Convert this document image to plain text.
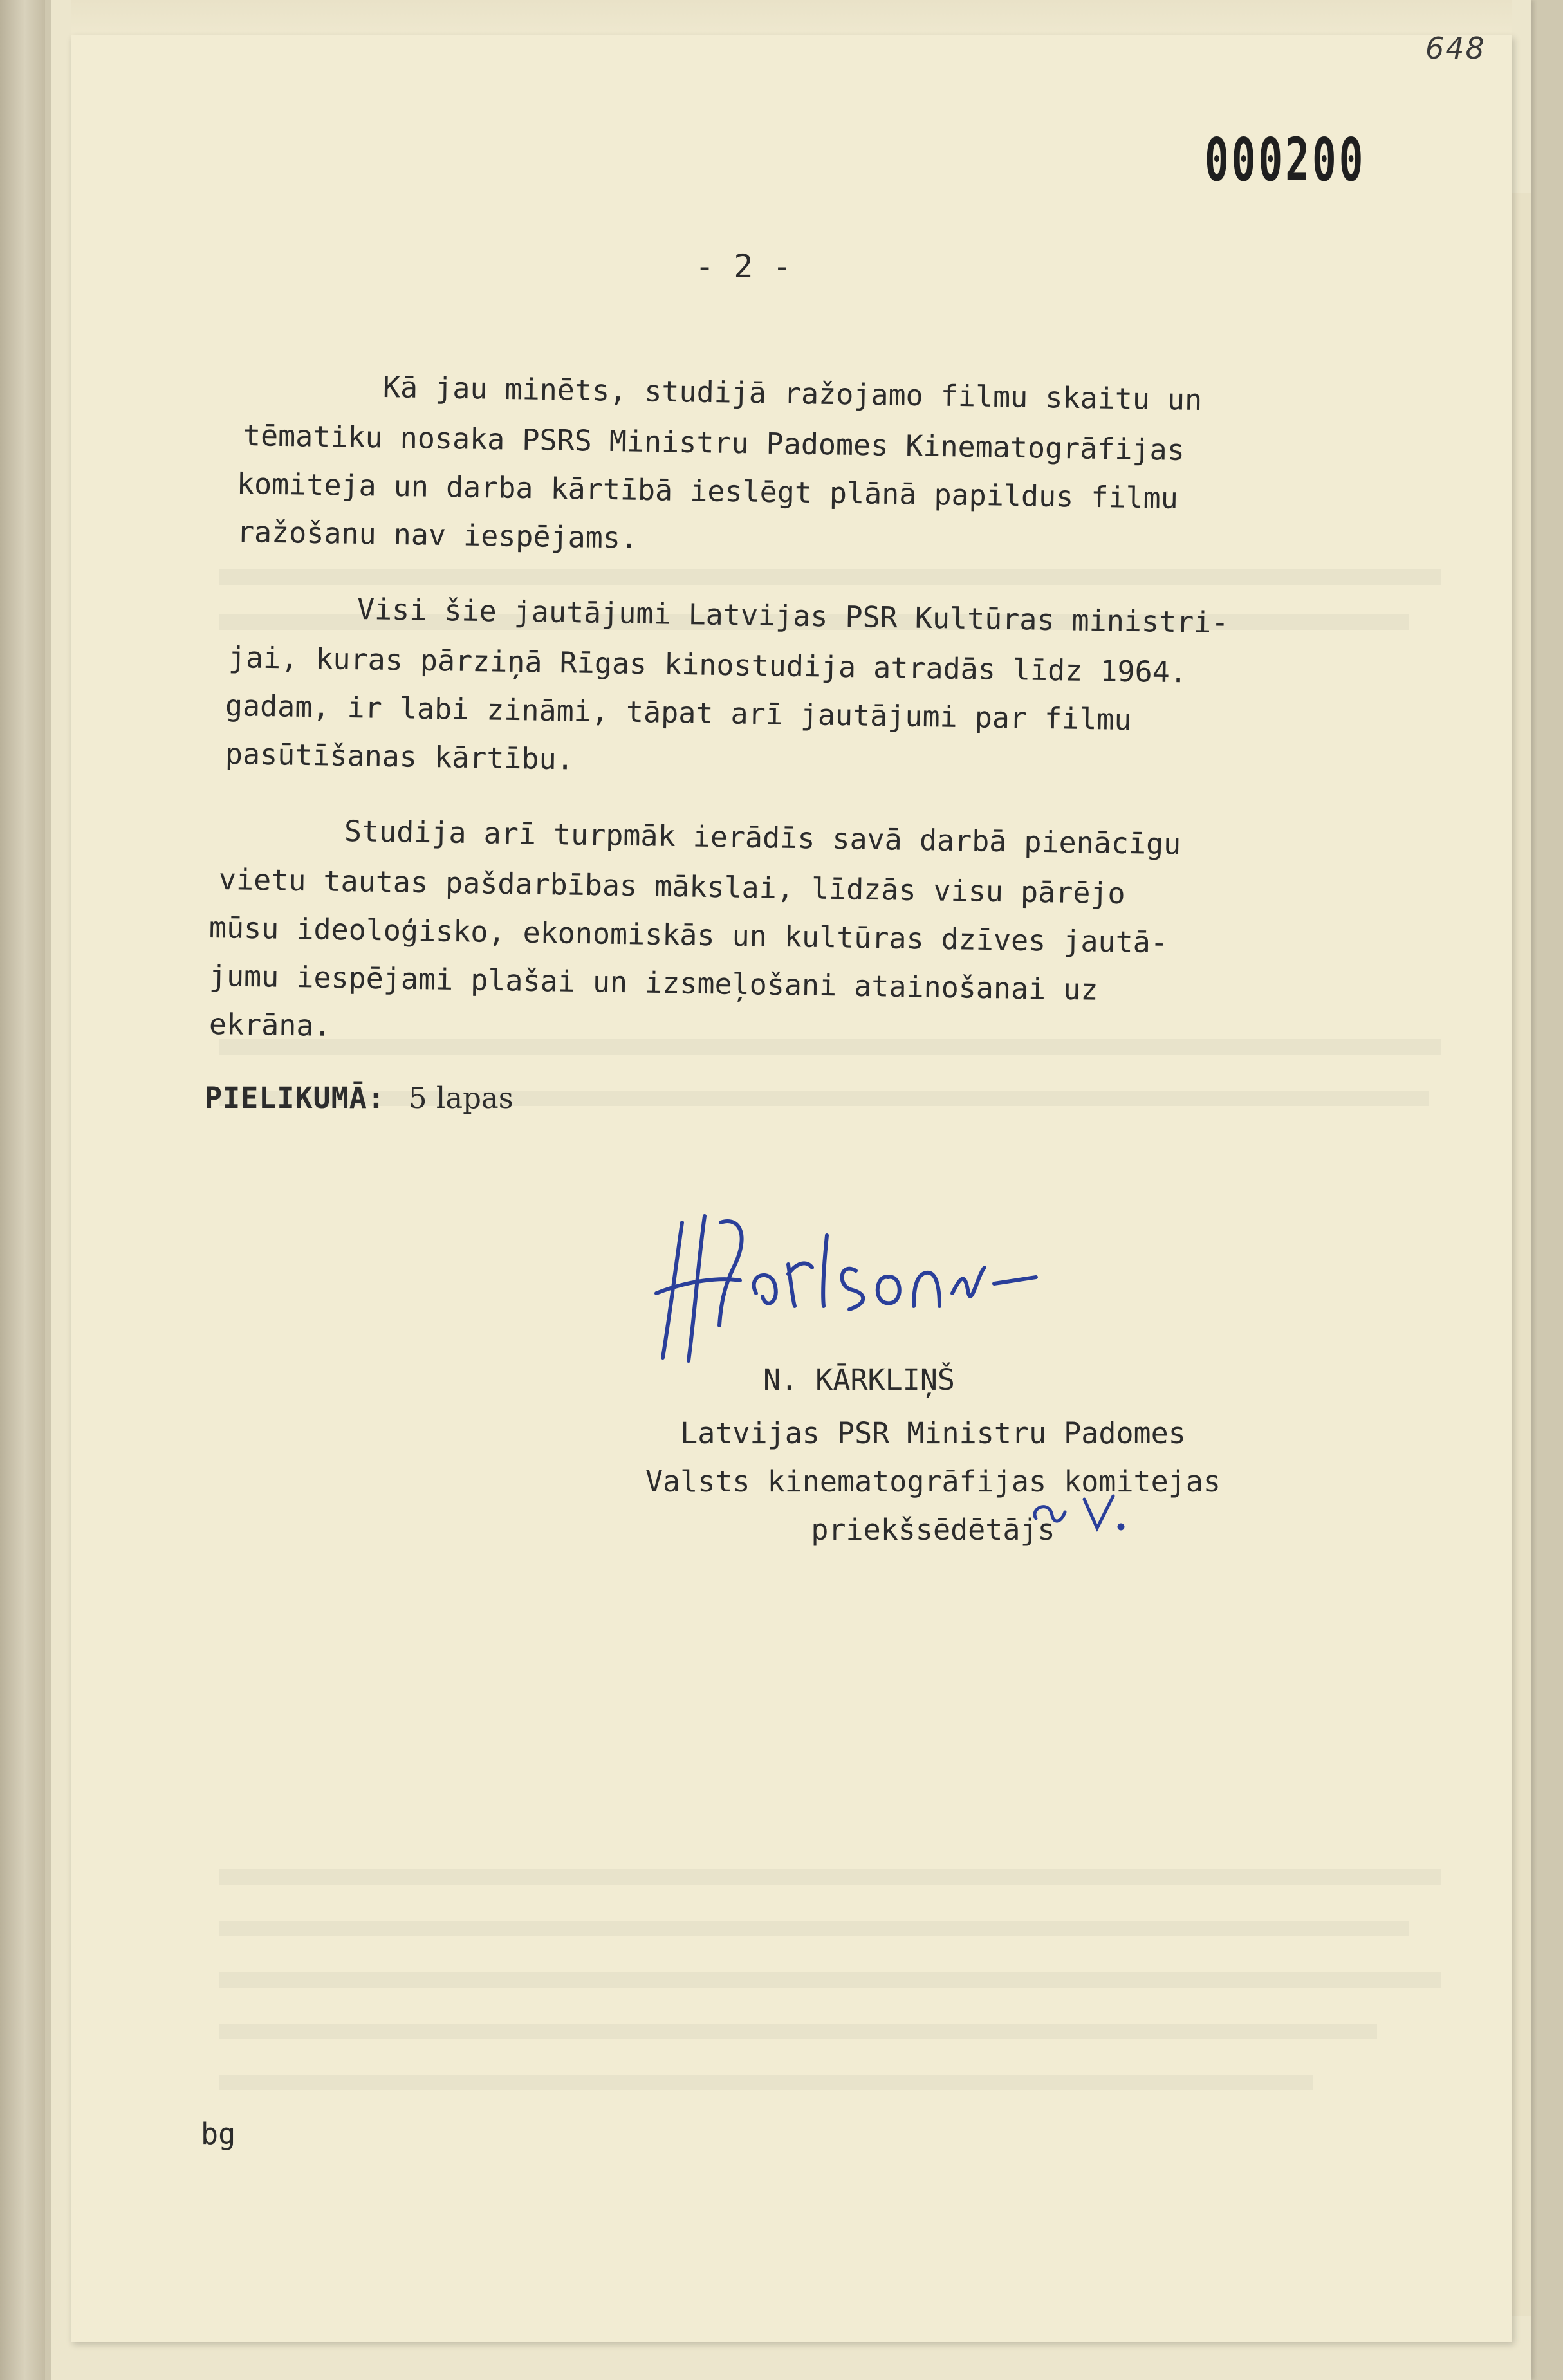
648
000200
- 2 -
Kā jau minēts, studijā ražojamo filmu skaitu un
tēmatiku nosaka PSRS Ministru Padomes Kinematogrāfijas
komiteja un darba kārtībā ieslēgt plānā papildus filmu
ražošanu nav iespējams.
Visi šie jautājumi Latvijas PSR Kultūras ministri-
jai, kuras pārziņā Rīgas kinostudija atradās līdz 1964.
gadam, ir labi zināmi, tāpat arī jautājumi par filmu
pasūtīšanas kārtību.
Studija arī turpmāk ierādīs savā darbā pienācīgu
vietu tautas pašdarbības mākslai, līdzās visu pārējo
mūsu ideoloģisko, ekonomiskās un kultūras dzīves jautā-
jumu iespējami plašai un izsmeļošani atainošanai uz
ekrāna.
PIELIKUMĀ: 5 lapas
N. KĀRKLIŅŠ
Latvijas PSR Ministru Padomes
Valsts kinematogrāfijas komitejas
priekšsēdētājs
bg
